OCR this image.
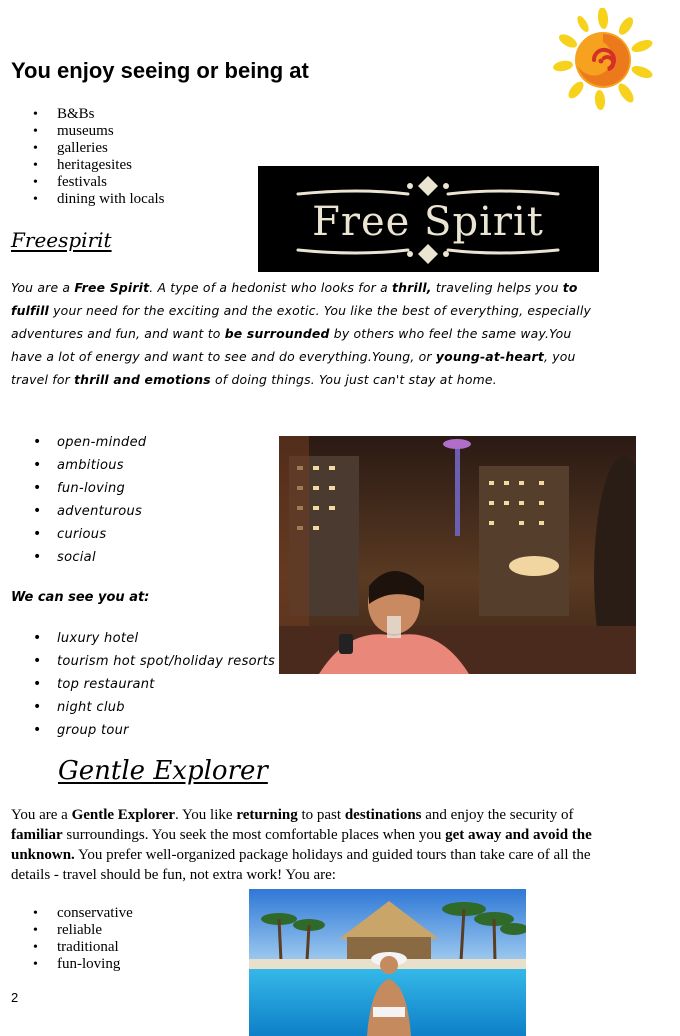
You enjoy seeing or being at
• B&Bs
• museums
• galleries
• heritagesites
• festivals
• dining with locals	Free Spirit
Freespirit
You are a Free Spirit. A type of a hedonist who looks for a thrill, traveling helps you to fulfill your need for the exciting and the exotic. You like the best of everything, especially adventures and fun, and want to be surrounded by others who feel the same way.You have a lot of energy and want to see and do everything.Young, or young-at-heart, you travel for thrill and emotions of doing things. You just can't stay at home.
• open-minded
• ambitious
• fun-loving
• adventurous
• curious
• social
We can see you at:
• luxury hotel
• tourism hot spot/holiday resorts
• top restaurant
• night club
• group tour
Gentle Explorer
You are a Gentle Explorer. You like returning to past destinations and enjoy the security of familiar surroundings. You seek the most comfortable places when you get away and avoid the unknown. You prefer well-organized package holidays and guided tours than take care of all the details - travel should be fun, not extra work! You are:
• conservative
• reliable
• traditional
• fun-loving
2
